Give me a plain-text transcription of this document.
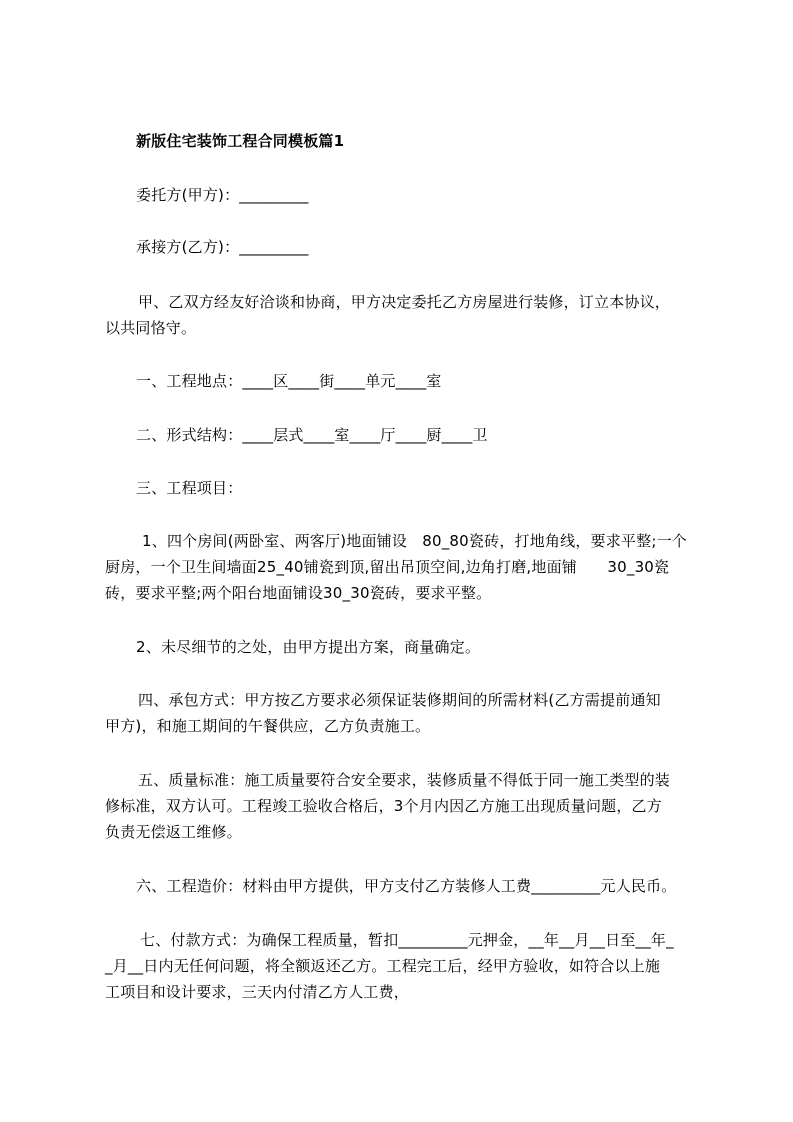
新版住宅装饰工程合同模板篇1
委托方(甲方)：_________
承接方(乙方)：_________
甲、乙双方经友好洽谈和协商，甲方决定委托乙方房屋进行装修，订立本协议，
以共同恪守。
一、工程地点：____区____街____单元____室
二、形式结构：____层式____室____厅____厨____卫
三、工程项目：
1、四个房间(两卧室、两客厅)地面铺设　80_80瓷砖，打地角线，要求平整;一个
厨房，一个卫生间墙面25_40铺瓷到顶,留出吊顶空间,边角打磨,地面铺　　30_30瓷
砖，要求平整;两个阳台地面铺设30_30瓷砖，要求平整。
2、未尽细节的之处，由甲方提出方案，商量确定。
四、承包方式：甲方按乙方要求必须保证装修期间的所需材料(乙方需提前通知
甲方)，和施工期间的午餐供应，乙方负责施工。
五、质量标准：施工质量要符合安全要求，装修质量不得低于同一施工类型的装
修标准，双方认可。工程竣工验收合格后，3个月内因乙方施工出现质量问题，乙方
负责无偿返工维修。
六、工程造价：材料由甲方提供，甲方支付乙方装修人工费_________元人民币。
七、付款方式：为确保工程质量，暂扣_________元押金，__年__月__日至__年_
_月__日内无任何问题，将全额返还乙方。工程完工后，经甲方验收，如符合以上施
工项目和设计要求，三天内付清乙方人工费，
